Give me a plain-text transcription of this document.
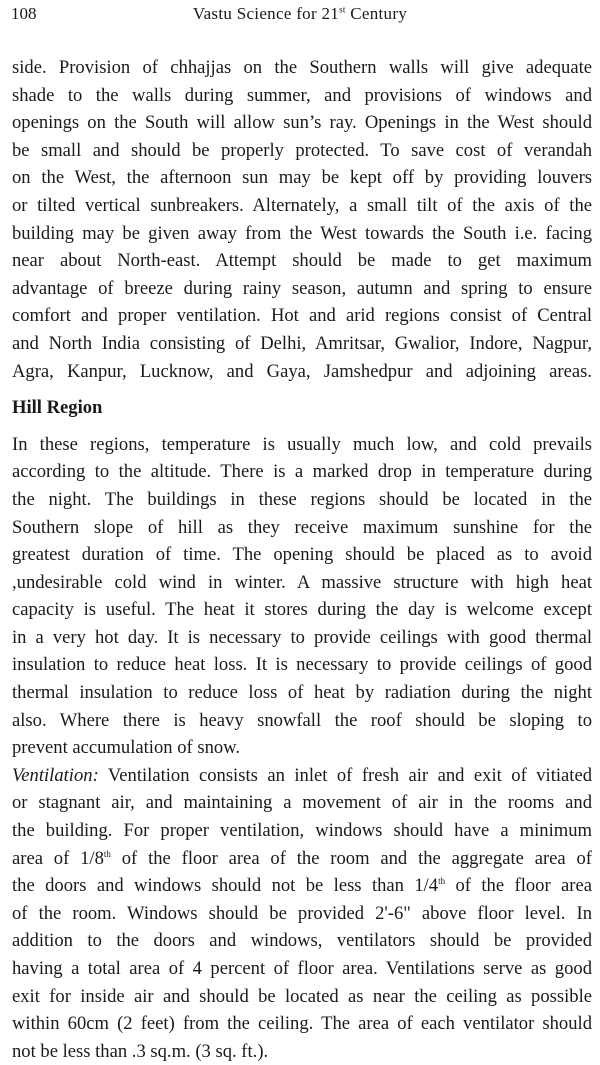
108	Vastu Science for 21st Century
side. Provision of chhajjas on the Southern walls will give adequate
shade to the walls during summer, and provisions of windows and
openings on the South will allow sun’s ray. Openings in the West should
be small and should be properly protected. To save cost of verandah
on the West, the afternoon sun may be kept off by providing louvers
or tilted vertical sunbreakers. Alternately, a small tilt of the axis of the
building may be given away from the West towards the South i.e. facing
near about North-east. Attempt should be made to get maximum
advantage of breeze during rainy season, autumn and spring to ensure
comfort and proper ventilation. Hot and arid regions consist of Central
and North India consisting of Delhi, Amritsar, Gwalior, Indore, Nagpur,
Agra, Kanpur, Lucknow, and Gaya, Jamshedpur and adjoining areas.
Hill Region
In these regions, temperature is usually much low, and cold prevails
according to the altitude. There is a marked drop in temperature during
the night. The buildings in these regions should be located in the
Southern slope of hill as they receive maximum sunshine for the
greatest duration of time. The opening should be placed as to avoid
,undesirable cold wind in winter. A massive structure with high heat
capacity is useful. The heat it stores during the day is welcome except
in a very hot day. It is necessary to provide ceilings with good thermal
insulation to reduce heat loss. It is necessary to provide ceilings of good
thermal insulation to reduce loss of heat by radiation during the night
also. Where there is heavy snowfall the roof should be sloping to
prevent accumulation of snow.
Ventilation: Ventilation consists an inlet of fresh air and exit of vitiated
or stagnant air, and maintaining a movement of air in the rooms and
the building. For proper ventilation, windows should have a minimum
area of 1/8th of the floor area of the room and the aggregate area of
the doors and windows should not be less than 1/4th of the floor area
of the room. Windows should be provided 2'-6" above floor level. In
addition to the doors and windows, ventilators should be provided
having a total area of 4 percent of floor area. Ventilations serve as good
exit for inside air and should be located as near the ceiling as possible
within 60cm (2 feet) from the ceiling. The area of each ventilator should
not be less than .3 sq.m. (3 sq. ft.).
